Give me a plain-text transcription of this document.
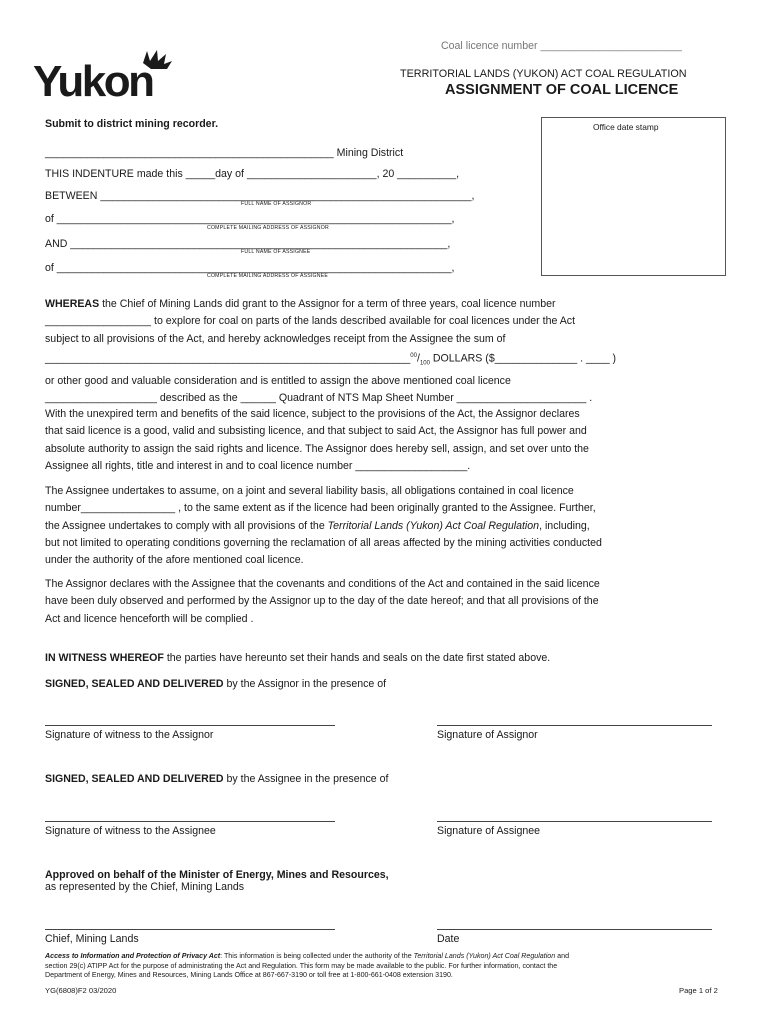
Yukon
Coal licence number ________________________
TERRITORIAL LANDS (YUKON) ACT COAL REGULATION
ASSIGNMENT OF COAL LICENCE
Office date stamp
Submit to district mining recorder.
_________________________________________________ Mining District
THIS INDENTURE made this _____day of ______________________, 20 __________,
BETWEEN _______________________________________________________________,
FULL NAME OF ASSIGNOR
of ___________________________________________________________________,
COMPLETE MAILING ADDRESS OF ASSIGNOR
AND ________________________________________________________________,
FULL NAME OF ASSIGNEE
of ___________________________________________________________________,
COMPLETE MAILING ADDRESS OF ASSIGNEE
WHEREAS the Chief of Mining Lands did grant to the Assignor for a term of three years, coal licence number
__________________ to explore for coal on parts of the lands described available for coal licences under the Act
subject to all provisions of the Act, and hereby acknowledges receipt from the Assignee the sum of
$\_\_\_\_\_\_\_\_\_\_\_\_\_\_\_\_\_\_\_\_\_\_\_\_\_\_\_\_\_\_\_\_\_\_\_\_\_\_\_\_\_\_\_\_\_\_\_\_\_\_\_\_\_\_\_\_\_\_\_\_\_\_^{00}/_{100}$ DOLLARS ($______________ . ____ )
or other good and valuable consideration and is entitled to assign the above mentioned coal licence
___________________ described as the ______ Quadrant of NTS Map Sheet Number ______________________ .
With the unexpired term and benefits of the said licence, subject to the provisions of the Act, the Assignor declares
that said licence is a good, valid and subsisting licence, and that subject to said Act, the Assignor has full power and
absolute authority to assign the said rights and licence. The Assignor does hereby sell, assign, and set over unto the
Assignee all rights, title and interest in and to coal licence number ___________________.
The Assignee undertakes to assume, on a joint and several liability basis, all obligations contained in coal licence
number________________ , to the same extent as if the licence had been originally granted to the Assignee. Further,
the Assignee undertakes to comply with all provisions of the Territorial Lands (Yukon) Act Coal Regulation, including,
but not limited to operating conditions governing the reclamation of all areas affected by the mining activities conducted
under the authority of the afore mentioned coal licence.
The Assignor declares with the Assignee that the covenants and conditions of the Act and contained in the said licence
have been duly observed and performed by the Assignor up to the day of the date hereof; and that all provisions of the
Act and licence henceforth will be complied .
IN WITNESS WHEREOF the parties have hereunto set their hands and seals on the date first stated above.
SIGNED, SEALED AND DELIVERED by the Assignor in the presence of
Signature of witness to the Assignor	Signature of Assignor
SIGNED, SEALED AND DELIVERED by the Assignee in the presence of
Signature of witness to the Assignee	Signature of Assignee
Approved on behalf of the Minister of Energy, Mines and Resources,
as represented by the Chief, Mining Lands
Chief, Mining Lands	Date
Access to Information and Protection of Privacy Act: This information is being collected under the authority of the Territorial Lands (Yukon) Act Coal Regulation and
section 29(c) ATIPP Act for the purpose of administrating the Act and Regulation. This form may be made available to the public. For further information, contact the
Department of Energy, Mines and Resources, Mining Lands Office at 867-667-3190 or toll free at 1-800-661-0408 extension 3190.
YG(6808)F2 03/2020	Page 1 of 2
